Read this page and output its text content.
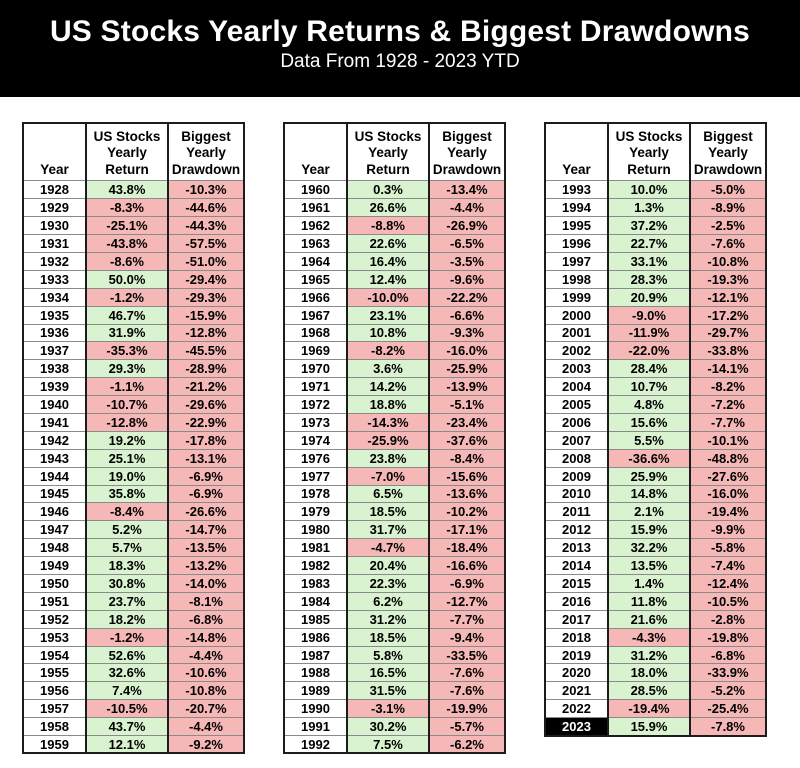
US Stocks Yearly Returns & Biggest Drawdowns
Data From 1928 - 2023 YTD
Year	US Stocks Yearly Return	Biggest Yearly Drawdown
1928	43.8%	-10.3%
1929	-8.3%	-44.6%
1930	-25.1%	-44.3%
1931	-43.8%	-57.5%
1932	-8.6%	-51.0%
1933	50.0%	-29.4%
1934	-1.2%	-29.3%
1935	46.7%	-15.9%
1936	31.9%	-12.8%
1937	-35.3%	-45.5%
1938	29.3%	-28.9%
1939	-1.1%	-21.2%
1940	-10.7%	-29.6%
1941	-12.8%	-22.9%
1942	19.2%	-17.8%
1943	25.1%	-13.1%
1944	19.0%	-6.9%
1945	35.8%	-6.9%
1946	-8.4%	-26.6%
1947	5.2%	-14.7%
1948	5.7%	-13.5%
1949	18.3%	-13.2%
1950	30.8%	-14.0%
1951	23.7%	-8.1%
1952	18.2%	-6.8%
1953	-1.2%	-14.8%
1954	52.6%	-4.4%
1955	32.6%	-10.6%
1956	7.4%	-10.8%
1957	-10.5%	-20.7%
1958	43.7%	-4.4%
1959	12.1%	-9.2%
Year	US Stocks Yearly Return	Biggest Yearly Drawdown
1960	0.3%	-13.4%
1961	26.6%	-4.4%
1962	-8.8%	-26.9%
1963	22.6%	-6.5%
1964	16.4%	-3.5%
1965	12.4%	-9.6%
1966	-10.0%	-22.2%
1967	23.1%	-6.6%
1968	10.8%	-9.3%
1969	-8.2%	-16.0%
1970	3.6%	-25.9%
1971	14.2%	-13.9%
1972	18.8%	-5.1%
1973	-14.3%	-23.4%
1974	-25.9%	-37.6%
1976	23.8%	-8.4%
1977	-7.0%	-15.6%
1978	6.5%	-13.6%
1979	18.5%	-10.2%
1980	31.7%	-17.1%
1981	-4.7%	-18.4%
1982	20.4%	-16.6%
1983	22.3%	-6.9%
1984	6.2%	-12.7%
1985	31.2%	-7.7%
1986	18.5%	-9.4%
1987	5.8%	-33.5%
1988	16.5%	-7.6%
1989	31.5%	-7.6%
1990	-3.1%	-19.9%
1991	30.2%	-5.7%
1992	7.5%	-6.2%
Year	US Stocks Yearly Return	Biggest Yearly Drawdown
1993	10.0%	-5.0%
1994	1.3%	-8.9%
1995	37.2%	-2.5%
1996	22.7%	-7.6%
1997	33.1%	-10.8%
1998	28.3%	-19.3%
1999	20.9%	-12.1%
2000	-9.0%	-17.2%
2001	-11.9%	-29.7%
2002	-22.0%	-33.8%
2003	28.4%	-14.1%
2004	10.7%	-8.2%
2005	4.8%	-7.2%
2006	15.6%	-7.7%
2007	5.5%	-10.1%
2008	-36.6%	-48.8%
2009	25.9%	-27.6%
2010	14.8%	-16.0%
2011	2.1%	-19.4%
2012	15.9%	-9.9%
2013	32.2%	-5.8%
2014	13.5%	-7.4%
2015	1.4%	-12.4%
2016	11.8%	-10.5%
2017	21.6%	-2.8%
2018	-4.3%	-19.8%
2019	31.2%	-6.8%
2020	18.0%	-33.9%
2021	28.5%	-5.2%
2022	-19.4%	-25.4%
2023	15.9%	-7.8%
